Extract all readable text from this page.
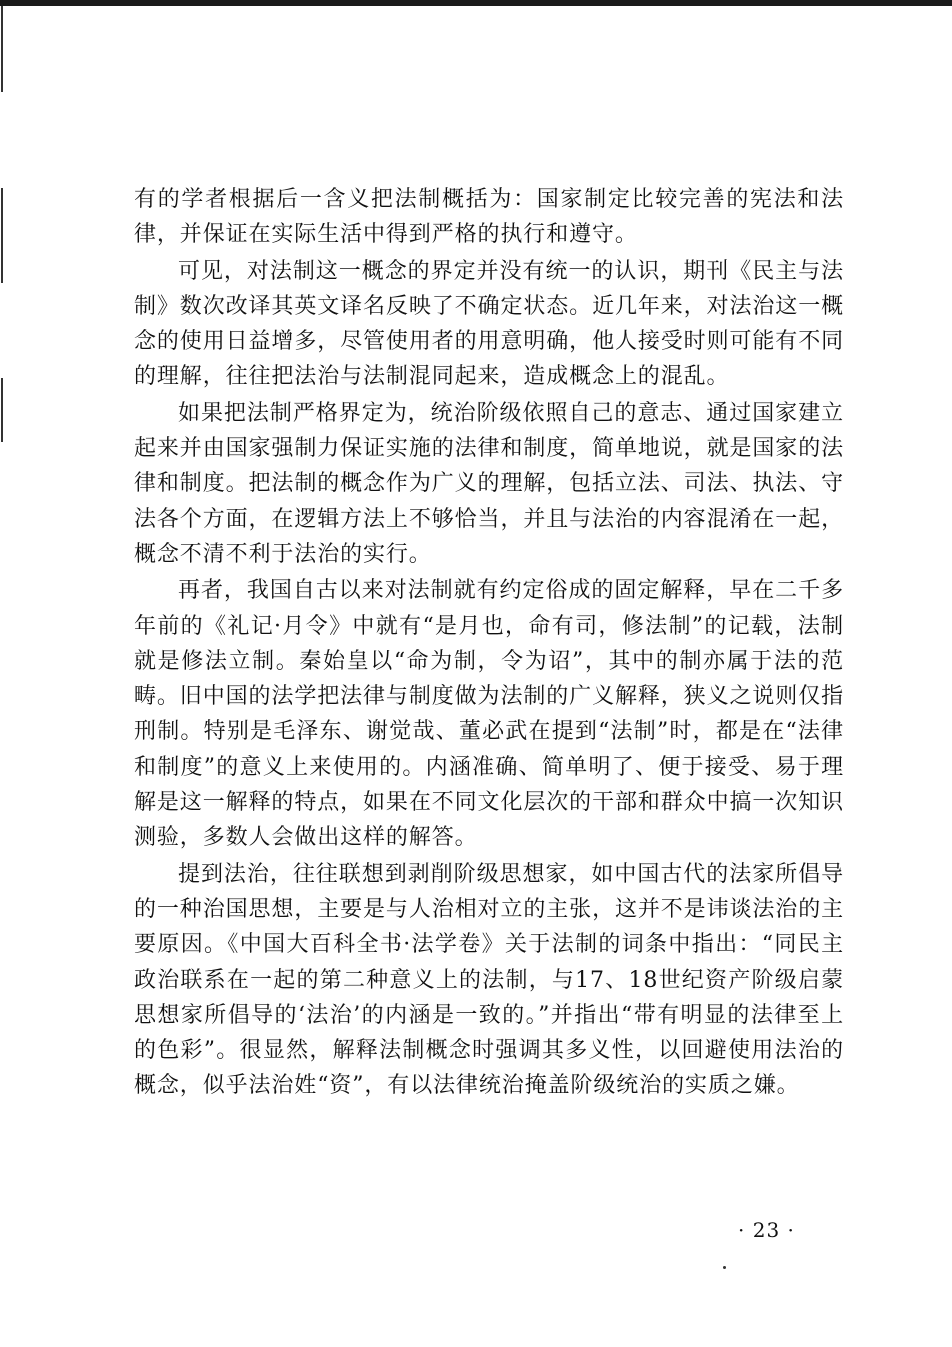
有的学者根据后一含义把法制概括为：国家制定比较完善的宪法和法律，并保证在实际生活中得到严格的执行和遵守。

可见，对法制这一概念的界定并没有统一的认识，期刊《民主与法制》数次改译其英文译名反映了不确定状态。近几年来，对法治这一概念的使用日益增多，尽管使用者的用意明确，他人接受时则可能有不同的理解，往往把法治与法制混同起来，造成概念上的混乱。

如果把法制严格界定为，统治阶级依照自己的意志、通过国家建立起来并由国家强制力保证实施的法律和制度，简单地说，就是国家的法律和制度。把法制的概念作为广义的理解，包括立法、司法、执法、守法各个方面，在逻辑方法上不够恰当，并且与法治的内容混淆在一起，概念不清不利于法治的实行。

再者，我国自古以来对法制就有约定俗成的固定解释，早在二千多年前的《礼记·月令》中就有“是月也，命有司，修法制”的记载，法制就是修法立制。秦始皇以“命为制，令为诏”，其中的制亦属于法的范畴。旧中国的法学把法律与制度做为法制的广义解释，狭义之说则仅指刑制。特别是毛泽东、谢觉哉、董必武在提到“法制”时，都是在“法律和制度”的意义上来使用的。内涵准确、简单明了、便于接受、易于理解是这一解释的特点，如果在不同文化层次的干部和群众中搞一次知识测验，多数人会做出这样的解答。

提到法治，往往联想到剥削阶级思想家，如中国古代的法家所倡导的一种治国思想，主要是与人治相对立的主张，这并不是讳谈法治的主要原因。《中国大百科全书·法学卷》关于法制的词条中指出：“同民主政治联系在一起的第二种意义上的法制，与17、18世纪资产阶级启蒙思想家所倡导的‘法治’的内涵是一致的。”并指出“带有明显的法律至上的色彩”。很显然，解释法制概念时强调其多义性，以回避使用法治的概念，似乎法治姓“资”，有以法律统治掩盖阶级统治的实质之嫌。

· 23 ·
